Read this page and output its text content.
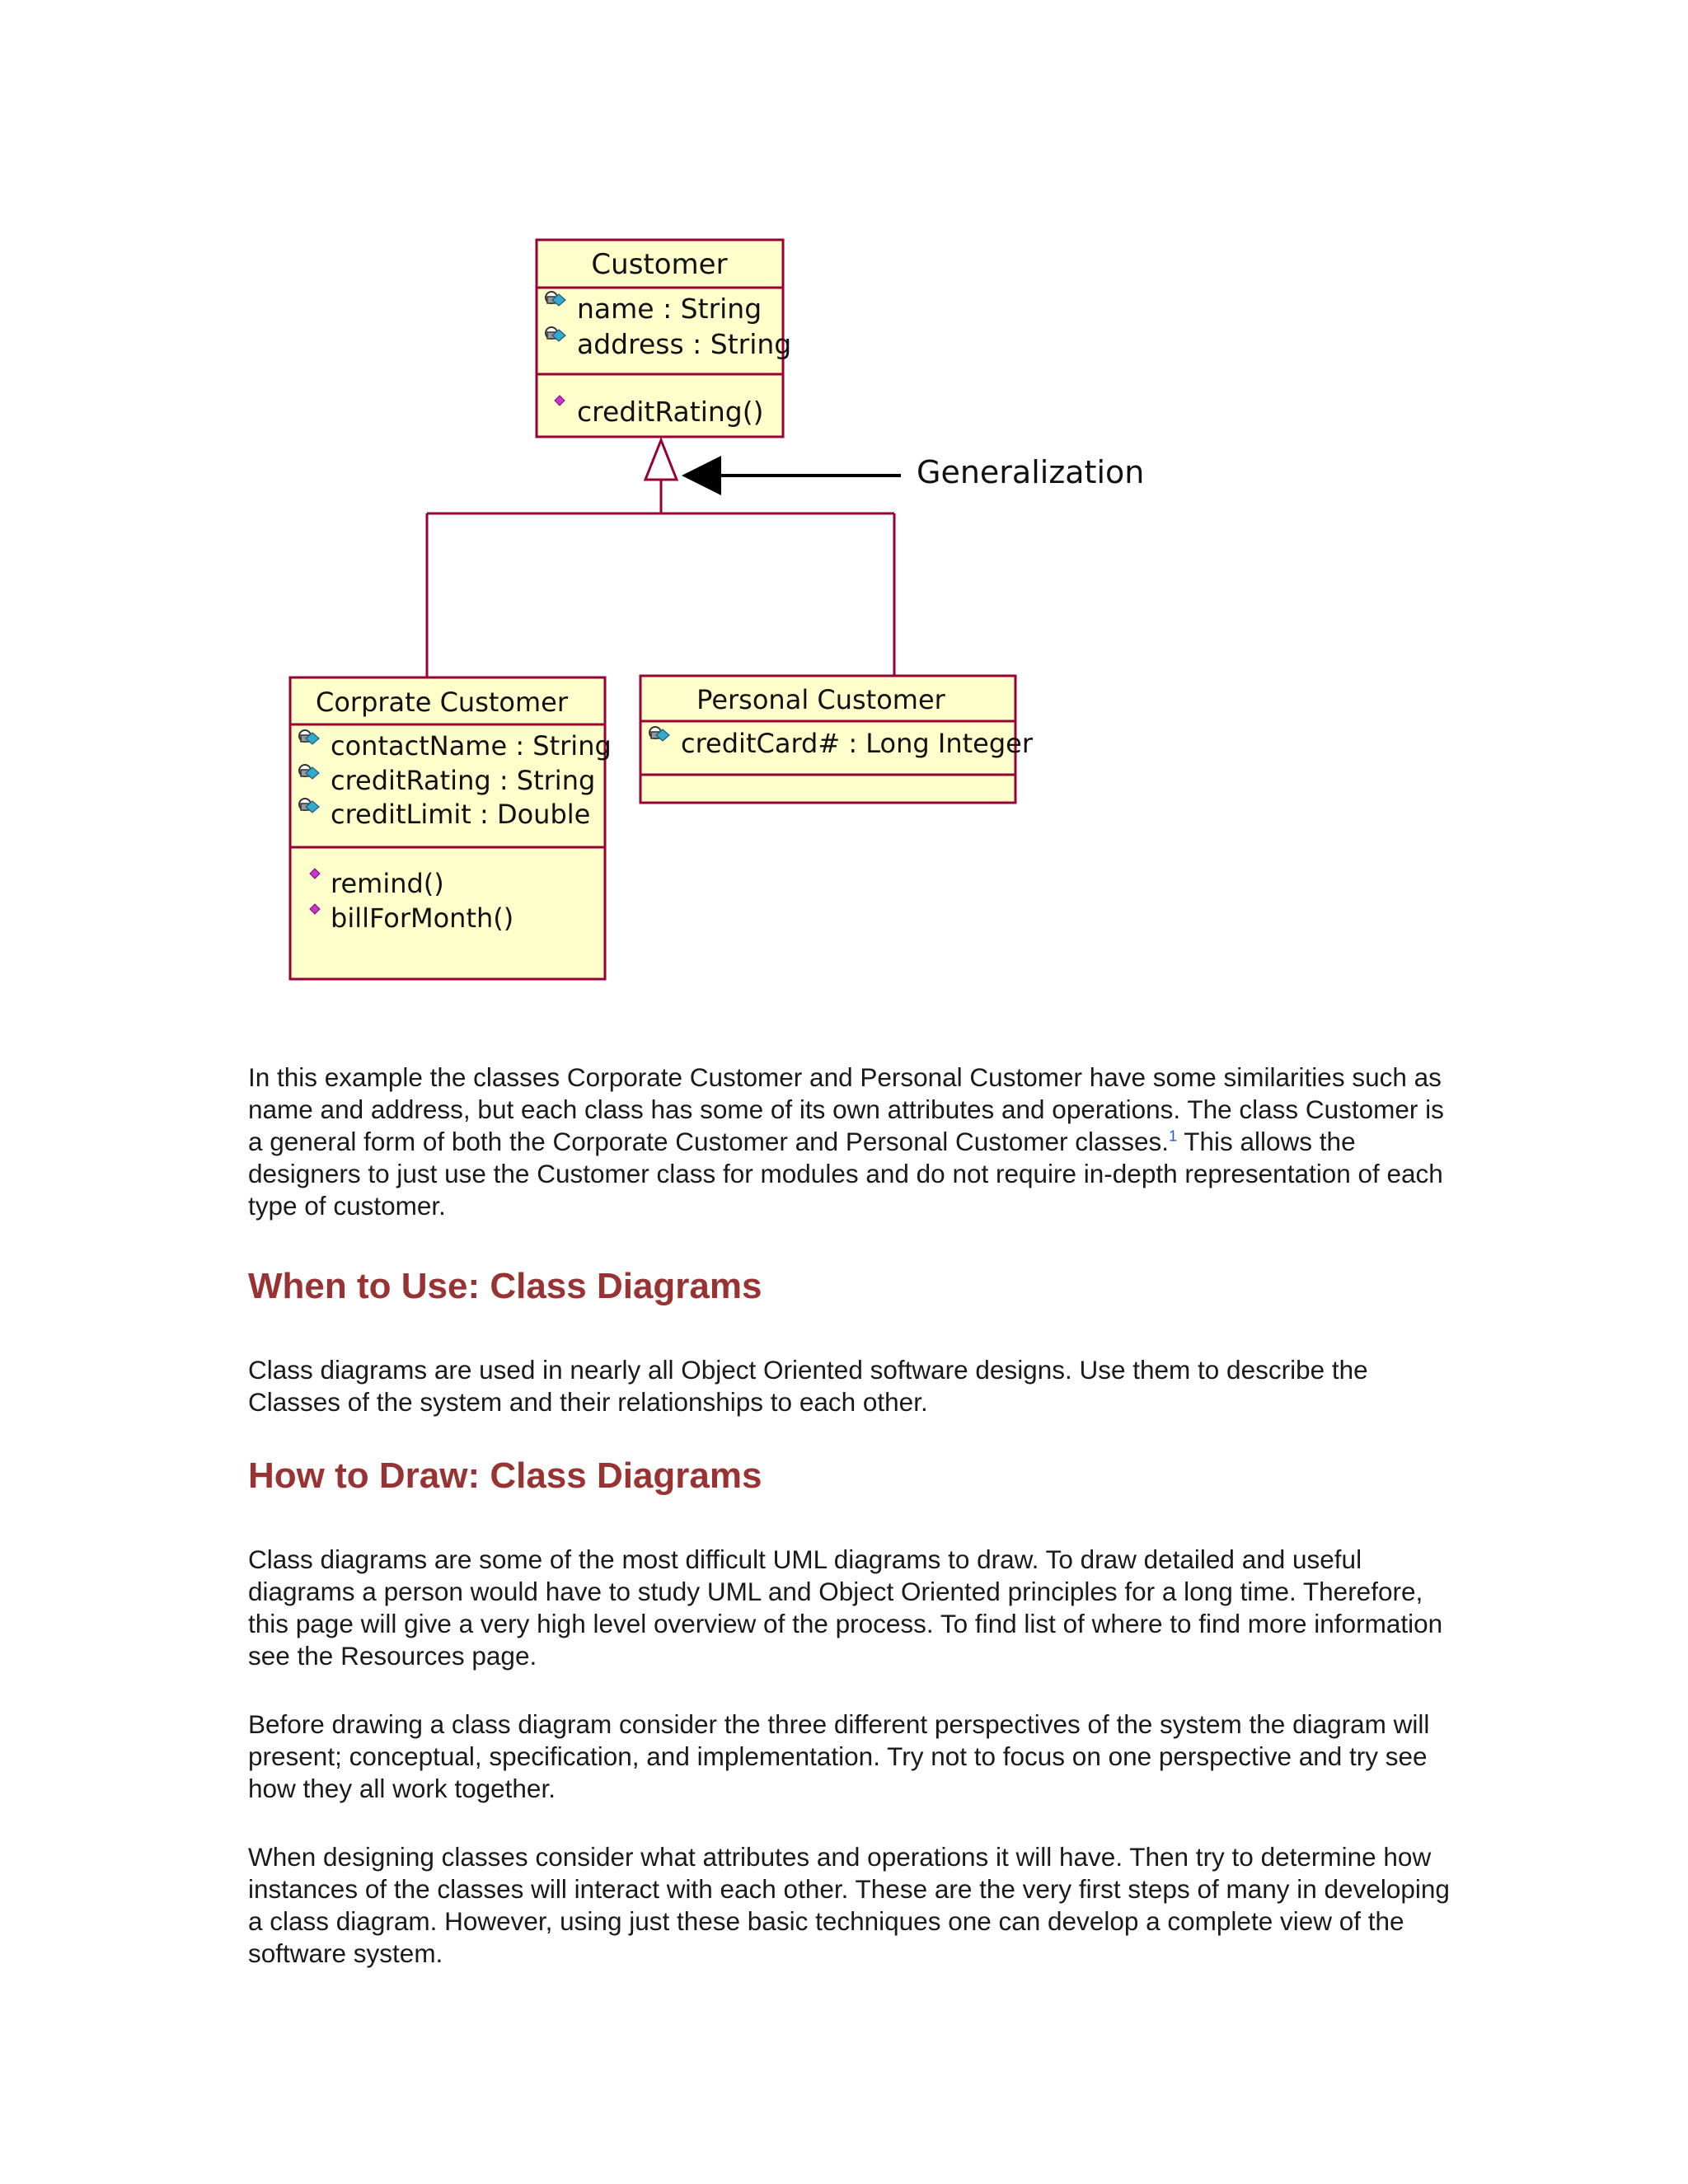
Customer
name : String
address : String
creditRating()
Generalization
Corprate Customer
contactName : String
creditRating : String
creditLimit : Double
remind()
billForMonth()
Personal Customer
creditCard# : Long Integer

In this example the classes Corporate Customer and Personal Customer have some similarities such as name and address, but each class has some of its own attributes and operations. The class Customer is a general form of both the Corporate Customer and Personal Customer classes.$^1$ This allows the designers to just use the Customer class for modules and do not require in-depth representation of each type of customer.

When to Use: Class Diagrams

Class diagrams are used in nearly all Object Oriented software designs. Use them to describe the Classes of the system and their relationships to each other.

How to Draw: Class Diagrams

Class diagrams are some of the most difficult UML diagrams to draw. To draw detailed and useful diagrams a person would have to study UML and Object Oriented principles for a long time. Therefore, this page will give a very high level overview of the process. To find list of where to find more information see the Resources page.

Before drawing a class diagram consider the three different perspectives of the system the diagram will present; conceptual, specification, and implementation. Try not to focus on one perspective and try see how they all work together.

When designing classes consider what attributes and operations it will have. Then try to determine how instances of the classes will interact with each other. These are the very first steps of many in developing a class diagram. However, using just these basic techniques one can develop a complete view of the software system.
